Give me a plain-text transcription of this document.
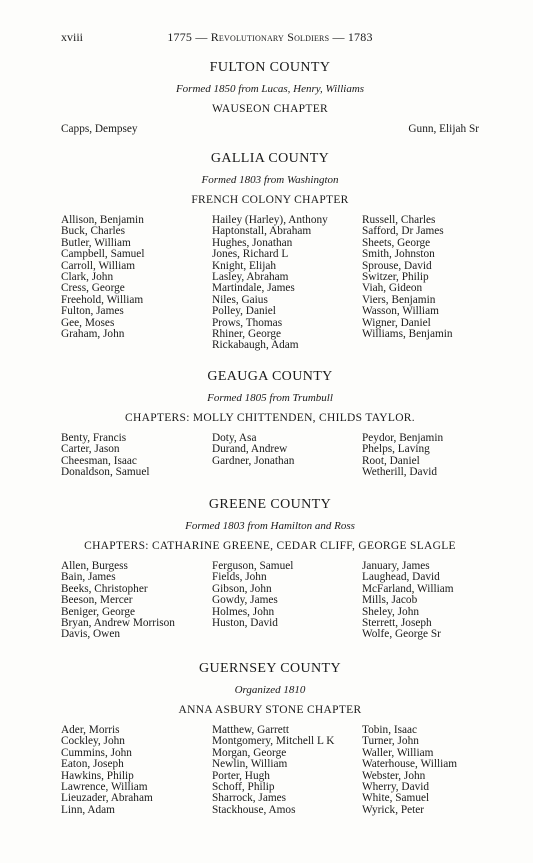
xviii	1775 — Revolutionary Soldiers — 1783
FULTON COUNTY
Formed 1850 from Lucas, Henry, Williams
WAUSEON CHAPTER
Capps, Dempsey	Gunn, Elijah Sr
GALLIA COUNTY
Formed 1803 from Washington
FRENCH COLONY CHAPTER
Allison, Benjamin
Buck, Charles
Butler, William
Campbell, Samuel
Carroll, William
Clark, John
Cress, George
Freehold, William
Fulton, James
Gee, Moses
Graham, John
Hailey (Harley), Anthony
Haptonstall, Abraham
Hughes, Jonathan
Jones, Richard L
Knight, Elijah
Lasley, Abraham
Martindale, James
Niles, Gaius
Polley, Daniel
Prows, Thomas
Rhiner, George
Rickabaugh, Adam
Russell, Charles
Safford, Dr James
Sheets, George
Smith, Johnston
Sprouse, David
Switzer, Philip
Viah, Gideon
Viers, Benjamin
Wasson, William
Wigner, Daniel
Williams, Benjamin
GEAUGA COUNTY
Formed 1805 from Trumbull
CHAPTERS: MOLLY CHITTENDEN, CHILDS TAYLOR.
Benty, Francis
Carter, Jason
Cheesman, Isaac
Donaldson, Samuel
Doty, Asa
Durand, Andrew
Gardner, Jonathan
Peydor, Benjamin
Phelps, Laving
Root, Daniel
Wetherill, David
GREENE COUNTY
Formed 1803 from Hamilton and Ross
CHAPTERS: CATHARINE GREENE, CEDAR CLIFF, GEORGE SLAGLE
Allen, Burgess
Bain, James
Beeks, Christopher
Beeson, Mercer
Beniger, George
Bryan, Andrew Morrison
Davis, Owen
Ferguson, Samuel
Fields, John
Gibson, John
Gowdy, James
Holmes, John
Huston, David
January, James
Laughead, David
McFarland, William
Mills, Jacob
Sheley, John
Sterrett, Joseph
Wolfe, George Sr
GUERNSEY COUNTY
Organized 1810
ANNA ASBURY STONE CHAPTER
Ader, Morris
Cockley, John
Cummins, John
Eaton, Joseph
Hawkins, Philip
Lawrence, William
Lieuzader, Abraham
Linn, Adam
Matthew, Garrett
Montgomery, Mitchell L K
Morgan, George
Newlin, William
Porter, Hugh
Schoff, Philip
Sharrock, James
Stackhouse, Amos
Tobin, Isaac
Turner, John
Waller, William
Waterhouse, William
Webster, John
Wherry, David
White, Samuel
Wyrick, Peter
